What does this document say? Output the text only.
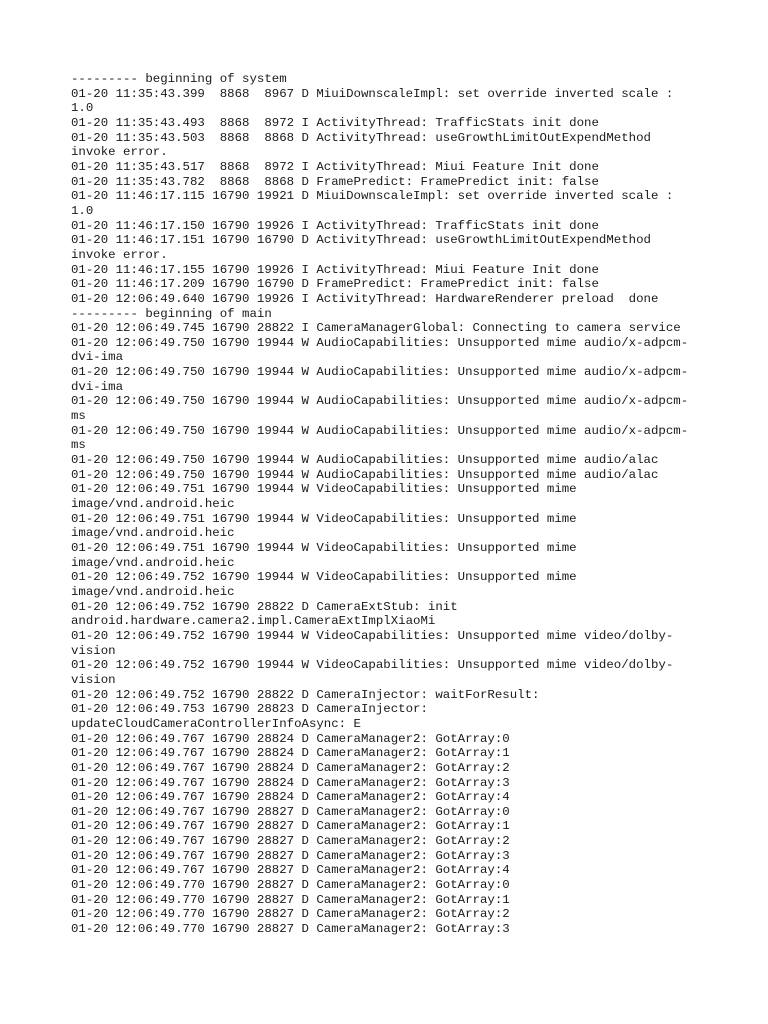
--------- beginning of system
01-20 11:35:43.399  8868  8967 D MiuiDownscaleImpl: set override inverted scale :
1.0
01-20 11:35:43.493  8868  8972 I ActivityThread: TrafficStats init done
01-20 11:35:43.503  8868  8868 D ActivityThread: useGrowthLimitOutExpendMethod
invoke error.
01-20 11:35:43.517  8868  8972 I ActivityThread: Miui Feature Init done
01-20 11:35:43.782  8868  8868 D FramePredict: FramePredict init: false
01-20 11:46:17.115 16790 19921 D MiuiDownscaleImpl: set override inverted scale :
1.0
01-20 11:46:17.150 16790 19926 I ActivityThread: TrafficStats init done
01-20 11:46:17.151 16790 16790 D ActivityThread: useGrowthLimitOutExpendMethod
invoke error.
01-20 11:46:17.155 16790 19926 I ActivityThread: Miui Feature Init done
01-20 11:46:17.209 16790 16790 D FramePredict: FramePredict init: false
01-20 12:06:49.640 16790 19926 I ActivityThread: HardwareRenderer preload  done
--------- beginning of main
01-20 12:06:49.745 16790 28822 I CameraManagerGlobal: Connecting to camera service
01-20 12:06:49.750 16790 19944 W AudioCapabilities: Unsupported mime audio/x-adpcm-
dvi-ima
01-20 12:06:49.750 16790 19944 W AudioCapabilities: Unsupported mime audio/x-adpcm-
dvi-ima
01-20 12:06:49.750 16790 19944 W AudioCapabilities: Unsupported mime audio/x-adpcm-
ms
01-20 12:06:49.750 16790 19944 W AudioCapabilities: Unsupported mime audio/x-adpcm-
ms
01-20 12:06:49.750 16790 19944 W AudioCapabilities: Unsupported mime audio/alac
01-20 12:06:49.750 16790 19944 W AudioCapabilities: Unsupported mime audio/alac
01-20 12:06:49.751 16790 19944 W VideoCapabilities: Unsupported mime
image/vnd.android.heic
01-20 12:06:49.751 16790 19944 W VideoCapabilities: Unsupported mime
image/vnd.android.heic
01-20 12:06:49.751 16790 19944 W VideoCapabilities: Unsupported mime
image/vnd.android.heic
01-20 12:06:49.752 16790 19944 W VideoCapabilities: Unsupported mime
image/vnd.android.heic
01-20 12:06:49.752 16790 28822 D CameraExtStub: init
android.hardware.camera2.impl.CameraExtImplXiaoMi
01-20 12:06:49.752 16790 19944 W VideoCapabilities: Unsupported mime video/dolby-
vision
01-20 12:06:49.752 16790 19944 W VideoCapabilities: Unsupported mime video/dolby-
vision
01-20 12:06:49.752 16790 28822 D CameraInjector: waitForResult:
01-20 12:06:49.753 16790 28823 D CameraInjector:
updateCloudCameraControllerInfoAsync: E
01-20 12:06:49.767 16790 28824 D CameraManager2: GotArray:0
01-20 12:06:49.767 16790 28824 D CameraManager2: GotArray:1
01-20 12:06:49.767 16790 28824 D CameraManager2: GotArray:2
01-20 12:06:49.767 16790 28824 D CameraManager2: GotArray:3
01-20 12:06:49.767 16790 28824 D CameraManager2: GotArray:4
01-20 12:06:49.767 16790 28827 D CameraManager2: GotArray:0
01-20 12:06:49.767 16790 28827 D CameraManager2: GotArray:1
01-20 12:06:49.767 16790 28827 D CameraManager2: GotArray:2
01-20 12:06:49.767 16790 28827 D CameraManager2: GotArray:3
01-20 12:06:49.767 16790 28827 D CameraManager2: GotArray:4
01-20 12:06:49.770 16790 28827 D CameraManager2: GotArray:0
01-20 12:06:49.770 16790 28827 D CameraManager2: GotArray:1
01-20 12:06:49.770 16790 28827 D CameraManager2: GotArray:2
01-20 12:06:49.770 16790 28827 D CameraManager2: GotArray:3
